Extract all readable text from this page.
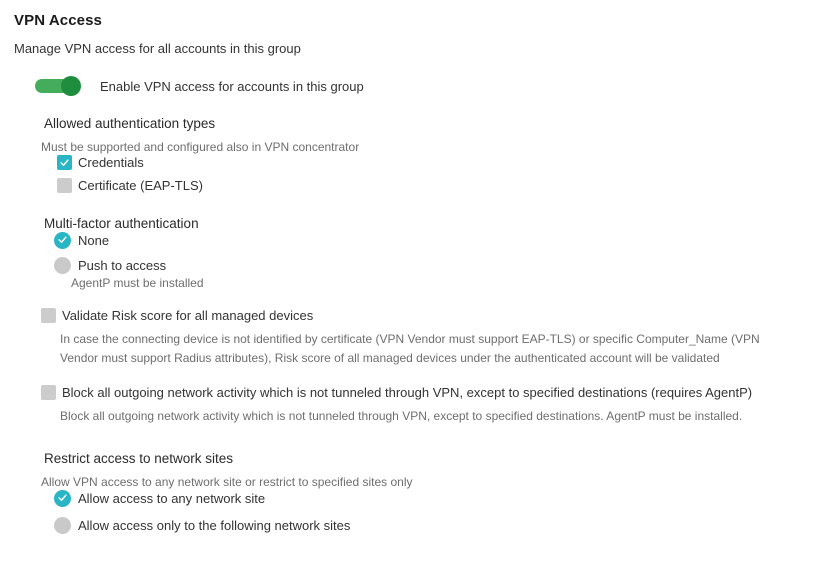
VPN Access
Manage VPN access for all accounts in this group
Enable VPN access for accounts in this group
Allowed authentication types
Must be supported and configured also in VPN concentrator
Credentials
Certificate (EAP-TLS)
Multi-factor authentication
None
Push to access
AgentP must be installed
Validate Risk score for all managed devices
In case the connecting device is not identified by certificate (VPN Vendor must support EAP-TLS) or specific Computer_Name (VPN Vendor must support Radius attributes), Risk score of all managed devices under the authenticated account will be validated
Block all outgoing network activity which is not tunneled through VPN, except to specified destinations (requires AgentP)
Block all outgoing network activity which is not tunneled through VPN, except to specified destinations. AgentP must be installed.
Restrict access to network sites
Allow VPN access to any network site or restrict to specified sites only
Allow access to any network site
Allow access only to the following network sites
